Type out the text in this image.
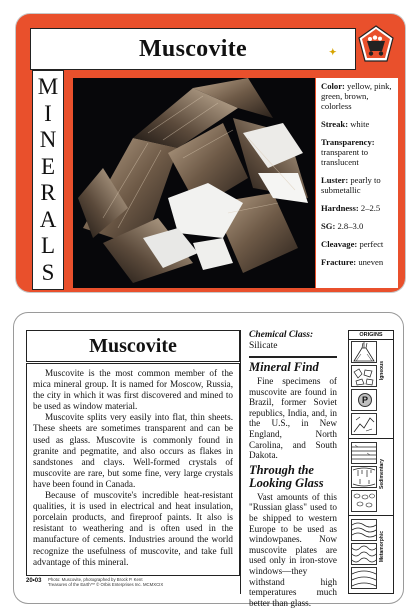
Muscovite	✦
M
I
N
E
R
A
L
S
Color: yellow, pink, green, brown, colorless
Streak: white
Transparency: transparent to translucent
Luster: pearly to submetallic
Hardness: 2–2.5
SG: 2.8–3.0
Cleavage: perfect
Fracture: uneven
Muscovite

Muscovite is the most common member of the mica mineral group. It is named for Moscow, Russia, the city in which it was first discovered and mined to be used as window material.

Muscovite splits very easily into flat, thin sheets. These sheets are sometimes transparent and can be used as glass. Muscovite is commonly found in granite and pegmatite, and also occurs as flakes in sandstones and clays. Well-formed crystals of muscovite are rare, but some fine, very large crystals have been found in Canada.

Because of muscovite's incredible heat-resistant qualities, it is used in electrical and heat insulation, porcelain products, and fireproof paints. It also is resistant to weathering and is often used in the manufacture of cements. Industries around the world recognize the usefulness of muscovite, and take full advantage of this mineral.

20•03 Photo: Muscovite, photographed by Brock P. Kent
Treasures of the Earth™ © Orbis Enterprises Inc. MCMXCIX
Chemical Class:
Silicate
Mineral Find
Fine specimens of muscovite are found in Brazil, former Soviet republics, India, and, in the U.S., in New England, North Carolina, and South Dakota.
Through the Looking Glass
Vast amounts of this "Russian glass" used to be shipped to western Europe to be used as windowpanes. Now muscovite plates are used only in iron-stove windows—they withstand high temperatures much better than glass.
ORIGINS
P
Igneous
Sedimentary
Metamorphic
